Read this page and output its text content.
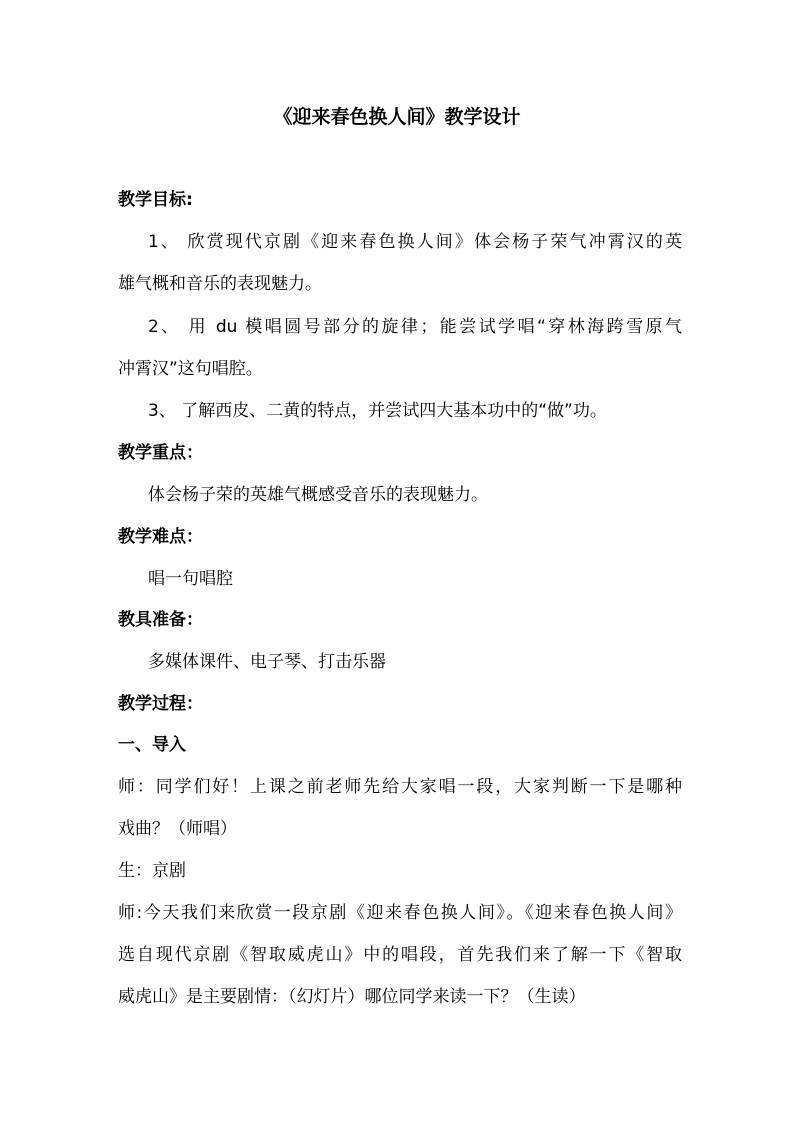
《迎来春色换人间》教学设计
教学目标:
1、 欣赏现代京剧《迎来春色换人间》体会杨子荣气冲霄汉的英
雄气概和音乐的表现魅力。
2、 用 du 模唱圆号部分的旋律；能尝试学唱“穿林海跨雪原气
冲霄汉”这句唱腔。
3、 了解西皮、二黄的特点，并尝试四大基本功中的“做”功。
教学重点：
体会杨子荣的英雄气概感受音乐的表现魅力。
教学难点：
唱一句唱腔
教具准备：
多媒体课件、电子琴、打击乐器
教学过程：
一、导入
师：同学们好！上课之前老师先给大家唱一段，大家判断一下是哪种
戏曲？（师唱）
生：京剧
师:今天我们来欣赏一段京剧《迎来春色换人间》。《迎来春色换人间》
选自现代京剧《智取威虎山》中的唱段，首先我们来了解一下《智取
威虎山》是主要剧情：（幻灯片）哪位同学来读一下？（生读）
